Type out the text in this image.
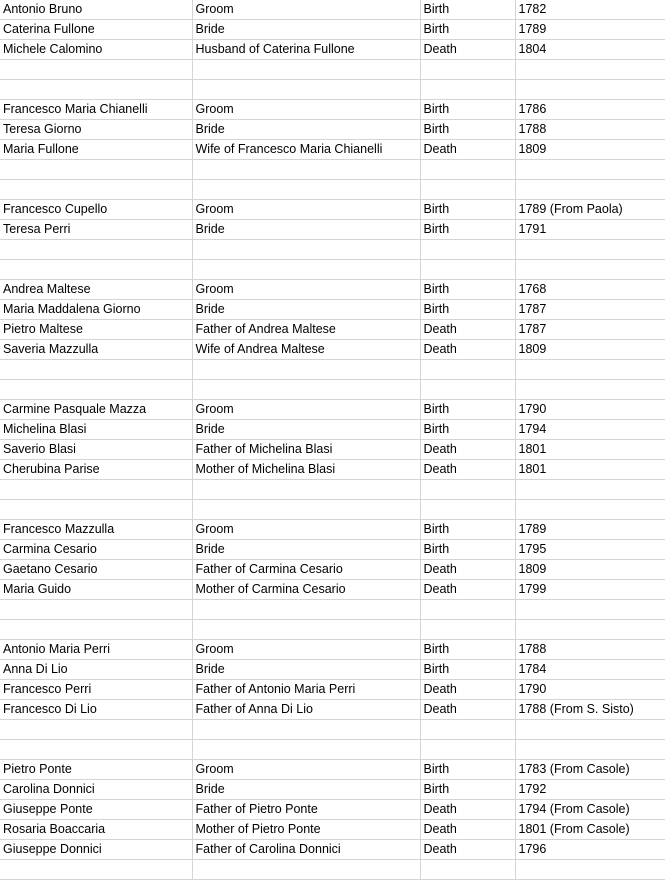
Antonio Bruno	Groom	Birth	1782
Caterina Fullone	Bride	Birth	1789
Michele Calomino	Husband of Caterina Fullone	Death	1804

Francesco Maria Chianelli	Groom	Birth	1786
Teresa Giorno	Bride	Birth	1788
Maria Fullone	Wife of Francesco Maria Chianelli	Death	1809

Francesco Cupello	Groom	Birth	1789 (From Paola)
Teresa Perri	Bride	Birth	1791

Andrea Maltese	Groom	Birth	1768
Maria Maddalena Giorno	Bride	Birth	1787
Pietro Maltese	Father of Andrea Maltese	Death	1787
Saveria Mazzulla	Wife of Andrea Maltese	Death	1809

Carmine Pasquale Mazza	Groom	Birth	1790
Michelina Blasi	Bride	Birth	1794
Saverio Blasi	Father of Michelina Blasi	Death	1801
Cherubina Parise	Mother of Michelina Blasi	Death	1801

Francesco Mazzulla	Groom	Birth	1789
Carmina Cesario	Bride	Birth	1795
Gaetano Cesario	Father of Carmina Cesario	Death	1809
Maria Guido	Mother of Carmina Cesario	Death	1799

Antonio Maria Perri	Groom	Birth	1788
Anna Di Lio	Bride	Birth	1784
Francesco Perri	Father of Antonio Maria Perri	Death	1790
Francesco Di Lio	Father of Anna Di Lio	Death	1788 (From S. Sisto)

Pietro Ponte	Groom	Birth	1783 (From Casole)
Carolina Donnici	Bride	Birth	1792
Giuseppe Ponte	Father of Pietro Ponte	Death	1794 (From Casole)
Rosaria Boaccaria	Mother of Pietro Ponte	Death	1801 (From Casole)
Giuseppe Donnici	Father of Carolina Donnici	Death	1796
